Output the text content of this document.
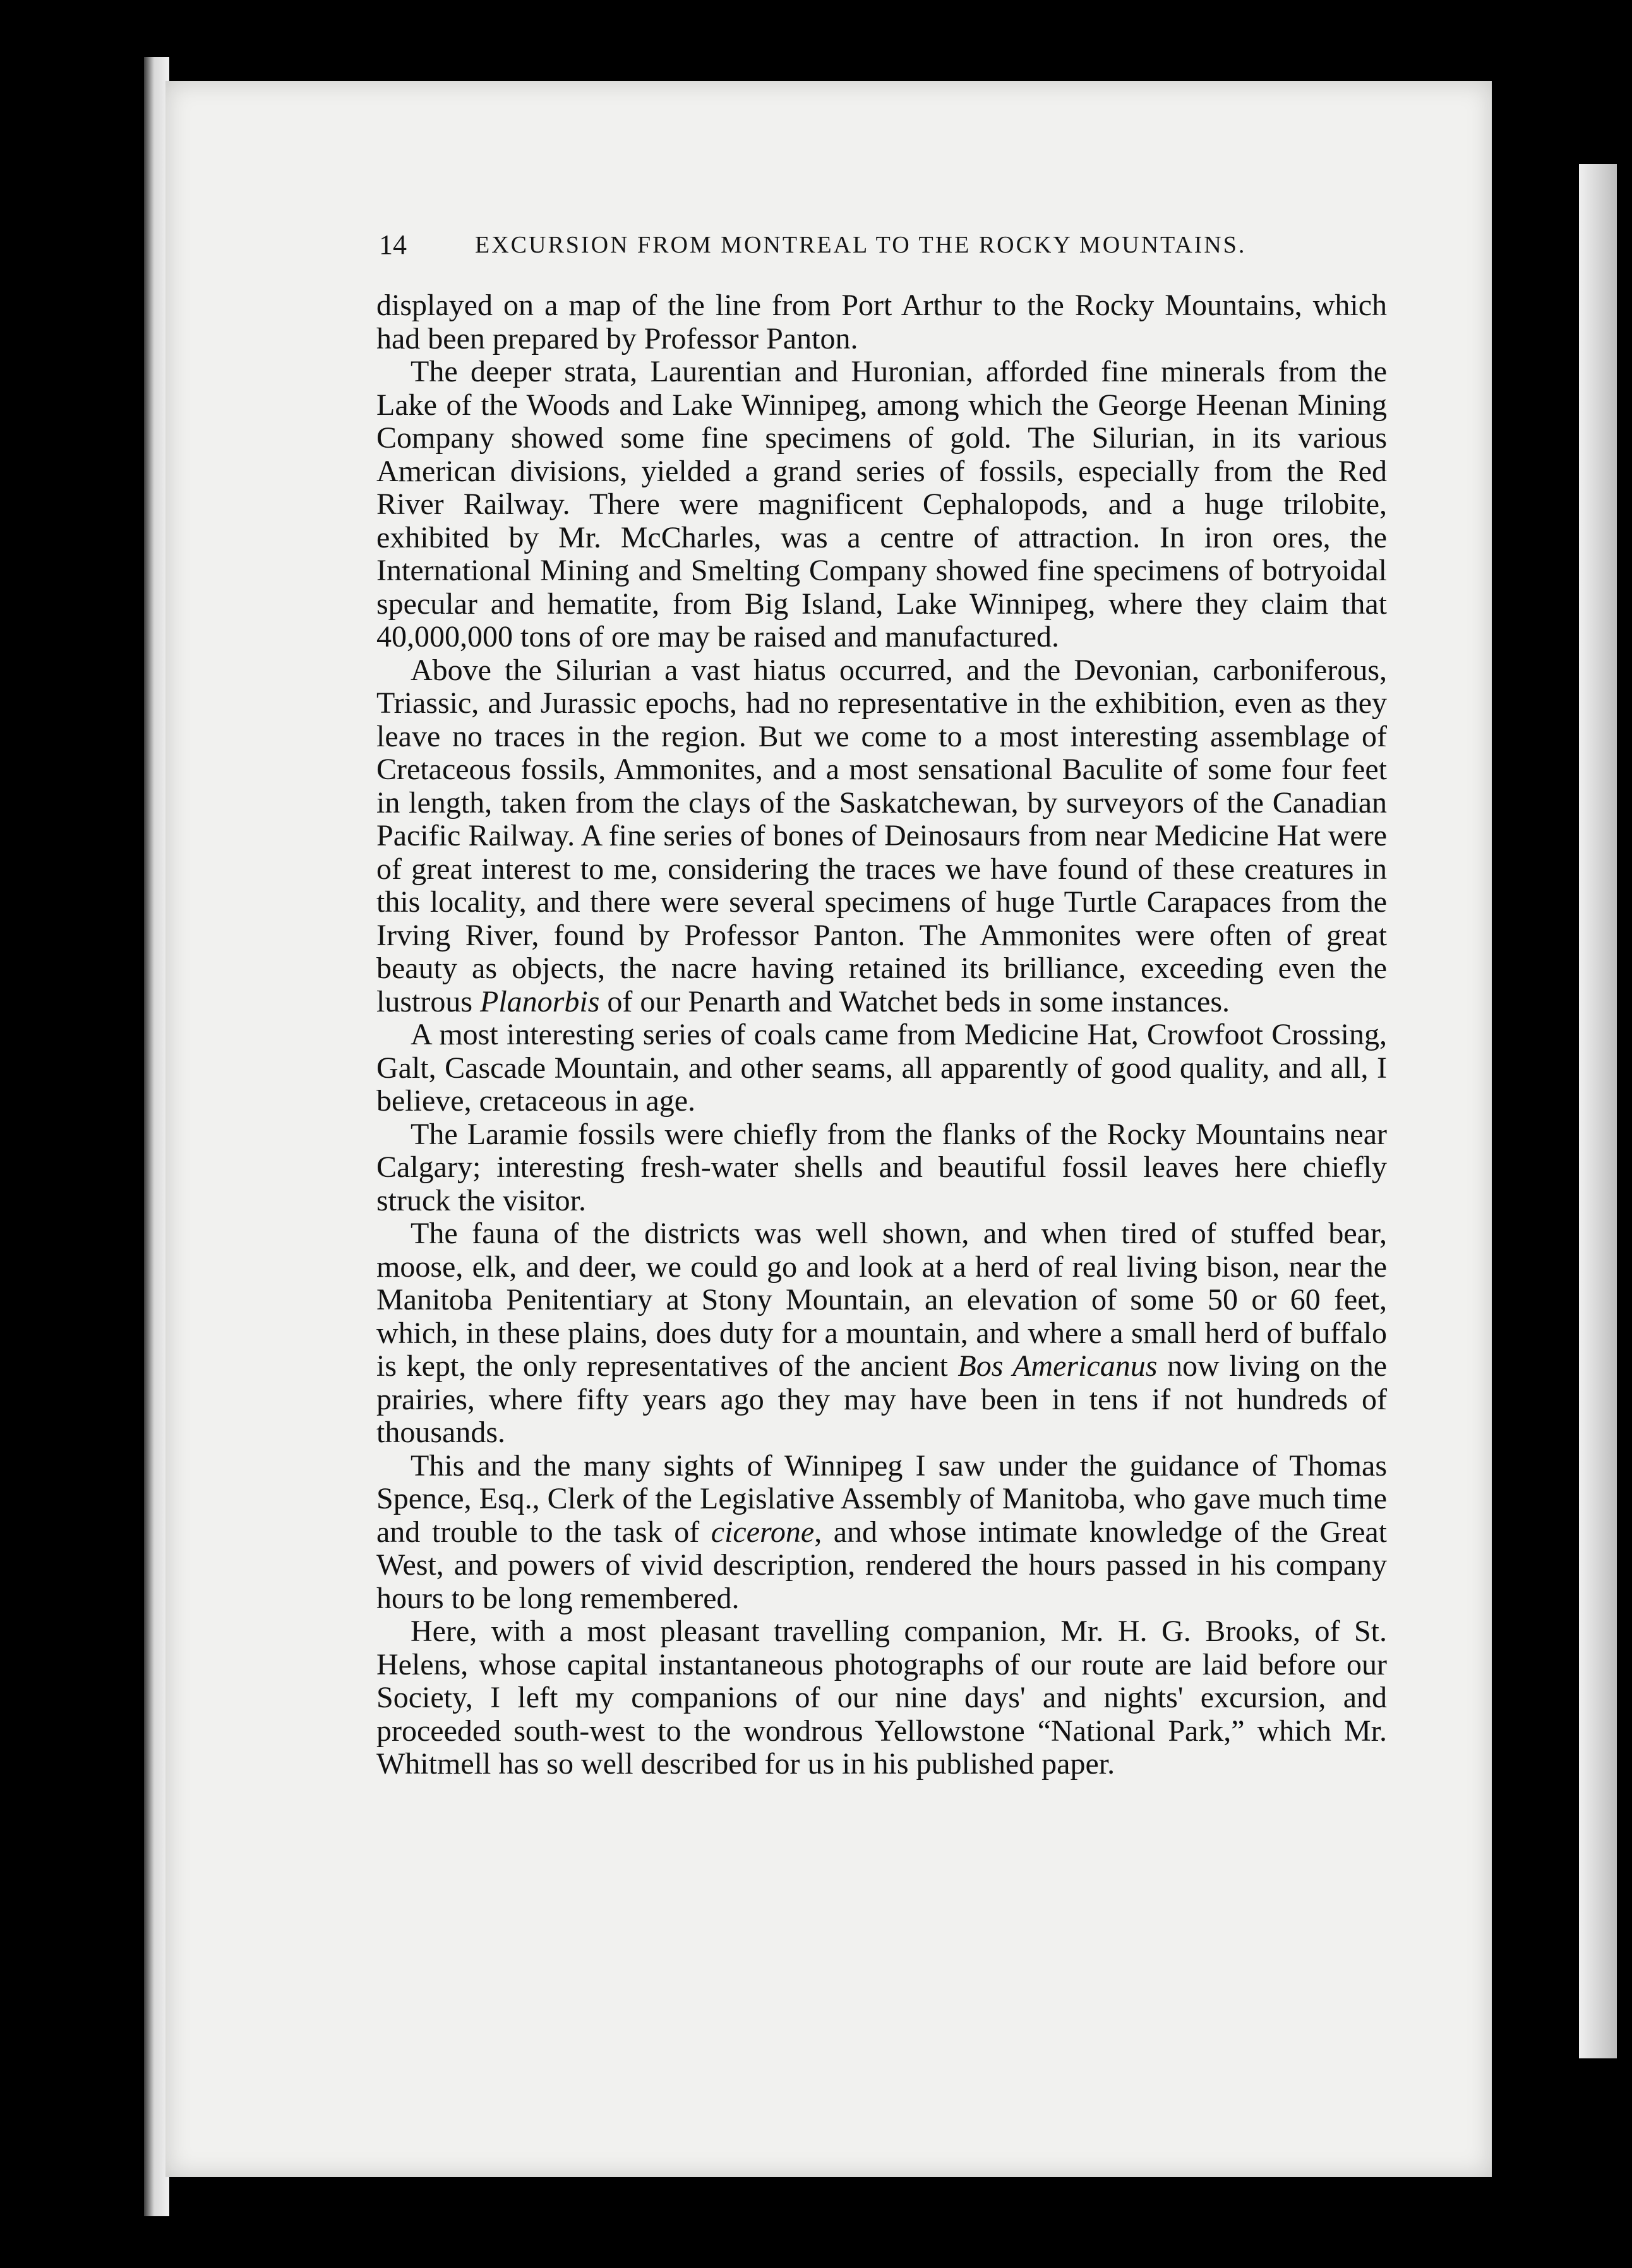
14	EXCURSION FROM MONTREAL TO THE ROCKY MOUNTAINS.

displayed on a map of the line from Port Arthur to the Rocky Mountains, which had been prepared by Professor Panton.

The deeper strata, Laurentian and Huronian, afforded fine minerals from the Lake of the Woods and Lake Winnipeg, among which the George Heenan Mining Company showed some fine specimens of gold. The Silurian, in its various American divisions, yielded a grand series of fossils, especially from the Red River Railway. There were magnificent Cephalopods, and a huge trilobite, exhibited by Mr. McCharles, was a centre of attraction. In iron ores, the International Mining and Smelting Company showed fine specimens of botryoidal specular and hematite, from Big Island, Lake Winnipeg, where they claim that 40,000,000 tons of ore may be raised and manufactured.

Above the Silurian a vast hiatus occurred, and the Devonian, carboniferous, Triassic, and Jurassic epochs, had no representative in the exhibition, even as they leave no traces in the region. But we come to a most interesting assemblage of Cretaceous fossils, Ammonites, and a most sensational Baculite of some four feet in length, taken from the clays of the Saskatchewan, by surveyors of the Canadian Pacific Railway. A fine series of bones of Deinosaurs from near Medicine Hat were of great interest to me, considering the traces we have found of these creatures in this locality, and there were several specimens of huge Turtle Carapaces from the Irving River, found by Professor Panton. The Ammonites were often of great beauty as objects, the nacre having retained its brilliance, exceeding even the lustrous Planorbis of our Penarth and Watchet beds in some instances.

A most interesting series of coals came from Medicine Hat, Crowfoot Crossing, Galt, Cascade Mountain, and other seams, all apparently of good quality, and all, I believe, cretaceous in age.

The Laramie fossils were chiefly from the flanks of the Rocky Mountains near Calgary; interesting fresh-water shells and beautiful fossil leaves here chiefly struck the visitor.

The fauna of the districts was well shown, and when tired of stuffed bear, moose, elk, and deer, we could go and look at a herd of real living bison, near the Manitoba Penitentiary at Stony Mountain, an elevation of some 50 or 60 feet, which, in these plains, does duty for a mountain, and where a small herd of buffalo is kept, the only representatives of the ancient Bos Americanus now living on the prairies, where fifty years ago they may have been in tens if not hundreds of thousands.

This and the many sights of Winnipeg I saw under the guidance of Thomas Spence, Esq., Clerk of the Legislative Assembly of Manitoba, who gave much time and trouble to the task of cicerone, and whose intimate knowledge of the Great West, and powers of vivid description, rendered the hours passed in his company hours to be long remembered.

Here, with a most pleasant travelling companion, Mr. H. G. Brooks, of St. Helens, whose capital instantaneous photographs of our route are laid before our Society, I left my companions of our nine days' and nights' excursion, and proceeded south-west to the wondrous Yellowstone “National Park,” which Mr. Whitmell has so well described for us in his published paper.
